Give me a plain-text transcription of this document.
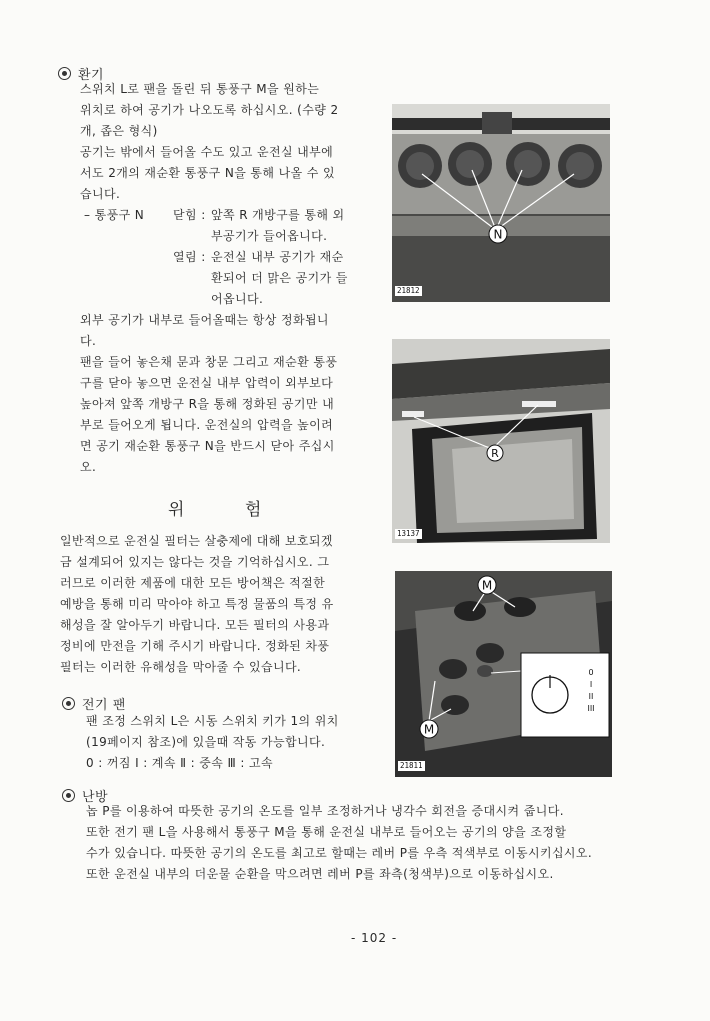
환기
스위치 L로 팬을 돌린 뒤 통풍구 M을 원하는
위치로 하여 공기가 나오도록 하십시오. (수량 2
개, 좁은 형식)
공기는 밖에서 들어올 수도 있고 운전실 내부에
서도 2개의 재순환 통풍구 N을 통해 나올 수 있
습니다.
– 통풍구 N 닫힘 : 앞쪽 R 개방구를 통해 외
부공기가 들어옵니다.
열림 : 운전실 내부 공기가 재순
환되어 더 맑은 공기가 들
어옵니다.
외부 공기가 내부로 들어올때는 항상 정화됩니
다.
팬을 들어 놓은채 문과 창문 그리고 재순환 통풍
구를 닫아 놓으면 운전실 내부 압력이 외부보다
높아져 앞쪽 개방구 R을 통해 정화된 공기만 내
부로 들어오게 됩니다. 운전실의 압력을 높이려
면 공기 재순환 통풍구 N을 반드시 닫아 주십시
오.
위	험
일반적으로 운전실 필터는 살충제에 대해 보호되겠
금 설계되어 있지는 않다는 것을 기억하십시오. 그
러므로 이러한 제품에 대한 모든 방어책은 적절한
예방을 통해 미리 막아야 하고 특정 물품의 특정 유
해성을 잘 알아두기 바랍니다. 모든 필터의 사용과
정비에 만전을 기해 주시기 바랍니다. 정화된 차풍
필터는 이러한 유해성을 막아줄 수 있습니다.
전기 팬
팬 조정 스위치 L은 시동 스위치 키가 1의 위치
(19페이지 참조)에 있을때 작동 가능합니다.
0 : 꺼짐 Ⅰ : 계속 Ⅱ : 중속 Ⅲ : 고속
난방
놉 P를 이용하여 따뜻한 공기의 온도를 일부 조정하거나 냉각수 회전을 증대시켜 줍니다.
또한 전기 팬 L을 사용해서 통풍구 M을 통해 운전실 내부로 들어오는 공기의 양을 조정할
수가 있습니다. 따뜻한 공기의 온도를 최고로 할때는 레버 P를 우측 적색부로 이동시키십시오.
또한 운전실 내부의 더운물 순환을 막으려면 레버 P를 좌측(청색부)으로 이동하십시오.
- 102 -
N
21812
R
13137
M
M
0
I
II
III
21811
